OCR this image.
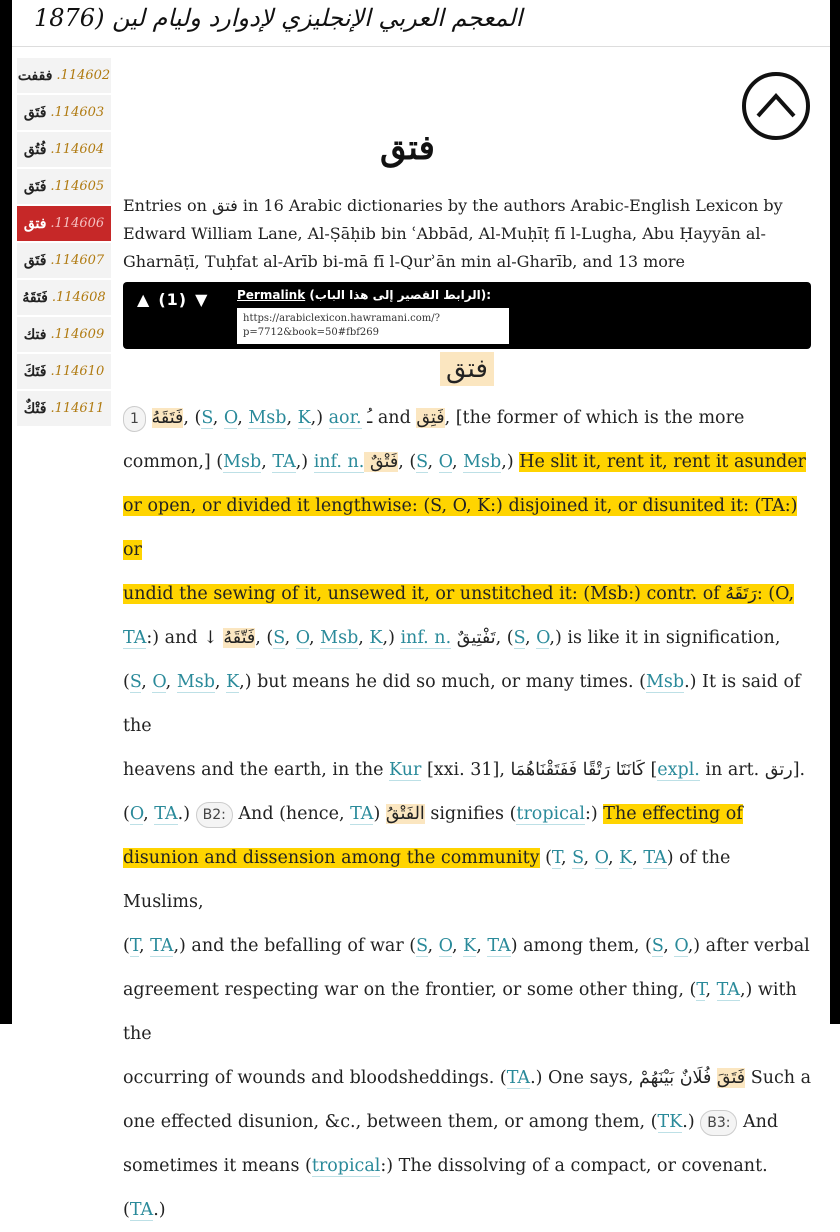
المعجم العربي الإنجليزي لإدوارد وليام لين (1876
فقفت .114602
فَتَق .114603
فُتُق .114604
فَتَق .114605
فتق .114606
فَتَق .114607
فَتَقَهُ .114608
فتك .114609
فَتَكَ .114610
فَتْكٌ .114611
فتق
Entries on فتق in 16 Arabic dictionaries by the authors Arabic-English Lexicon by Edward William Lane, Al-Ṣāḥib bin ʿAbbād, Al-Muḥīṭ fī l-Lugha, Abu Ḥayyān al-Gharnāṭī, Tuḥfat al-Arīb bi-mā fī l-Qurʾān min al-Gharīb, and 13 more
▲ (1) ▼	Permalink (الرابط القصير إلى هذا الباب):
https://arabiclexicon.hawramani.com/?p=7712&book=50#fbf269
فتق
1 فَتَقَهُ, (S, O, Msb, K,) aor. ـُ and فَتِق, [the former of which is the more
common,] (Msb, TA,) inf. n. فَتْقٌ, (S, O, Msb,) He slit it, rent it, rent it asunder
or open, or divided it lengthwise: (S, O, K:) disjoined it, or disunited it: (TA:) or
undid the sewing of it, unsewed it, or unstitched it: (Msb:) contr. of رَتَقَهُ: (O,
TA:) and ↓ فَتّقَهُ, (S, O, Msb, K,) inf. n. تَفْتِيقٌ, (S, O,) is like it in signification,
(S, O, Msb, K,) but means he did so much, or many times. (Msb.) It is said of the
heavens and the earth, in the Kur [xxi. 31], كَانَتَا رَتْقًا فَفَتَقْنَاهُمَا [expl. in art. رتق].
(O, TA.) B2: And (hence, TA) الفَتْقُ signifies (tropical:) The effecting of
disunion and dissension among the community (T, S, O, K, TA) of the Muslims,
(T, TA,) and the befalling of war (S, O, K, TA) among them, (S, O,) after verbal
agreement respecting war on the frontier, or some other thing, (T, TA,) with the
occurring of wounds and bloodsheddings. (TA.) One says,	فَتَقَ فُلَانٌ بَيْنَهُمْ Such a
one effected disunion, &c., between them, or among them, (TK.) B3: And
sometimes it means (tropical:) The dissolving of a compact, or covenant. (TA.)
